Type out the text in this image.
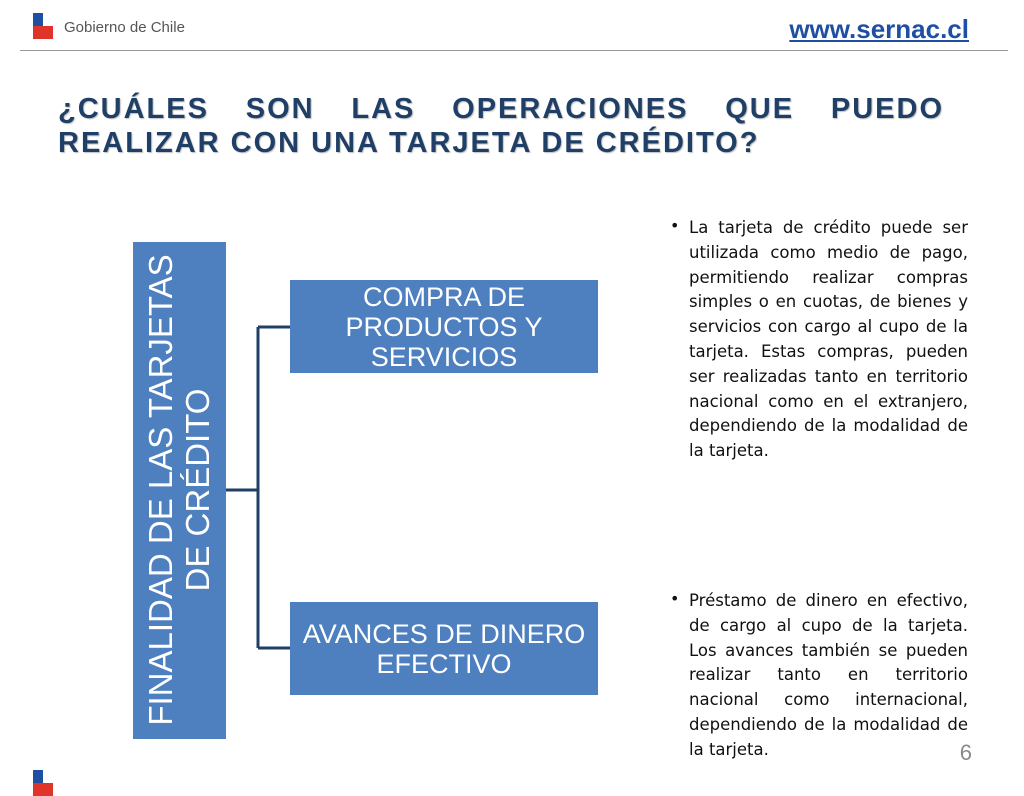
Gobierno de Chile	www.sernac.cl
¿CUÁLES SON LAS OPERACIONES QUE PUEDO REALIZAR CON UNA TARJETA DE CRÉDITO?
FINALIDAD DE LAS TARJETAS DE CRÉDITO
COMPRA DE PRODUCTOS Y SERVICIOS
AVANCES DE DINERO EFECTIVO
• La tarjeta de crédito puede ser utilizada como medio de pago, permitiendo realizar compras simples o en cuotas, de bienes y servicios con cargo al cupo de la tarjeta. Estas compras, pueden ser realizadas tanto en territorio nacional como en el extranjero, dependiendo de la modalidad de la tarjeta.

• Préstamo de dinero en efectivo, de cargo al cupo de la tarjeta. Los avances también se pueden realizar tanto en territorio nacional como internacional, dependiendo de la modalidad de la tarjeta.	6
